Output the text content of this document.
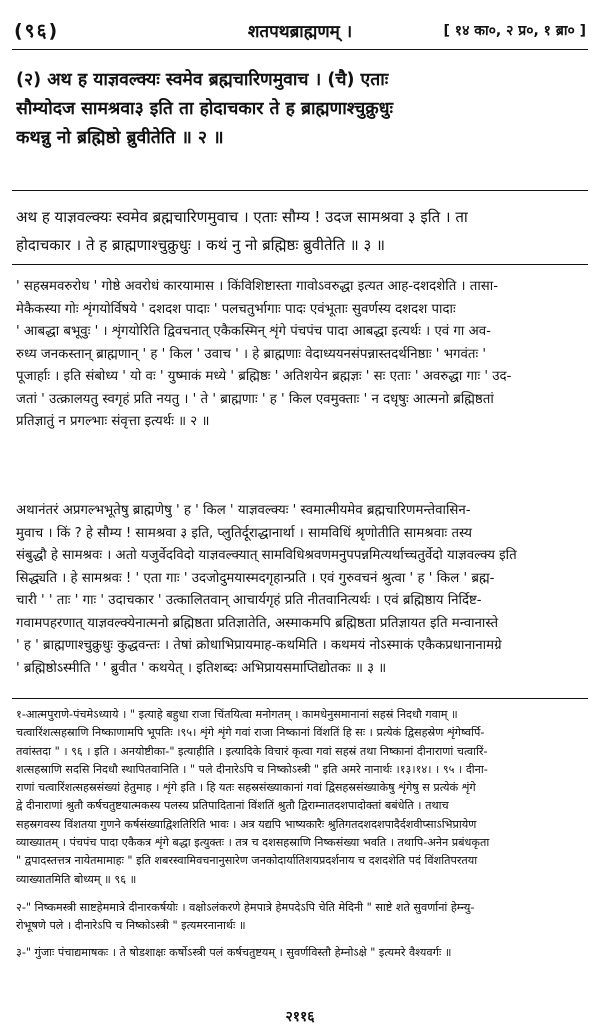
(९६)	शतपथब्राह्मणम् ।	[ १४ का०, २ प्र०, १ ब्रा० ]
(२) अथ ह याज्ञवल्क्यः स्वमेव ब्रह्मचारिणमुवाच । (चै) एताः
सौम्योदज सामश्रवा३ इति ता होदाचकार ते ह ब्राह्मणाश्चुक्रुधुः
कथन्नु नो ब्रह्मिष्ठो ब्रुवीतेति ॥ २ ॥
अथ ह याज्ञवल्क्यः स्वमेव ब्रह्मचारिणमुवाच । एताः सौम्य ! उदज सामश्रवा ३ इति । ता
होदाचकार । ते ह ब्राह्मणाश्चुक्रुधुः । कथं नु नो ब्रह्मिष्ठः ब्रुवीतेति ॥ ३ ॥
' सहस्रमवरुरोध ' गोष्ठे अवरोधं कारयामास । किंविशिष्टास्ता गावोऽवरुद्धा इत्यत आह-दशदशेति । तासा-
मेकैकस्या गोः शृंगयोर्विषये ' दशदश पादाः ' पलचतुर्भागाः पादः एवंभूताः सुवर्णस्य दशदश पादाः
' आबद्धा बभूवुः ' । शृंगयोरिति द्विवचनात् एकैकस्मिन् शृंगे पंचपंच पादा आबद्धा इत्यर्थः । एवं गा अव-
रुध्य जनकस्तान् ब्राह्मणान् ' ह ' किल ' उवाच ' । हे ब्राह्मणाः वेदाध्ययनसंपन्नास्तदर्थनिष्ठाः ' भगवंतः '
पूजार्हाः । इति संबोध्य ' यो वः ' युष्माकं मध्ये ' ब्रह्मिष्ठः ' अतिशयेन ब्रह्मज्ञः ' सः एताः ' अवरुद्धा गाः ' उद-
जतां ' उत्क्रालयतु स्वगृहं प्रति नयतु । ' ते ' ब्राह्मणाः ' ह ' किल एवमुक्ताः ' न दधृषुः आत्मनो ब्रह्मिष्ठतां
प्रतिज्ञातुं न प्रगल्भाः संवृत्ता इत्यर्थः ॥ २ ॥
अथानंतरं अप्रगल्भभूतेषु ब्राह्मणेषु ' ह ' किल ' याज्ञवल्क्यः ' स्वमात्मीयमेव ब्रह्मचारिणमन्तेवासिन-
मुवाच । किं ? हे सौम्य ! सामश्रवा ३ इति, प्लुतिर्दूराद्धानार्था । सामविधिं श्रृणोतीति सामश्रवाः तस्य
संबुद्धौ हे सामश्रवः । अतो यजुर्वेदविदो याज्ञवल्क्यात् सामविधिश्रवणमनुपपन्नमित्यर्थाच्चतुर्वेदो याज्ञवल्क्य इति
सिद्ध्यति । हे सामश्रवः ! ' एता गाः ' उदजोदुमयास्मदगृहान्प्रति । एवं गुरुवचनं श्रुत्वा ' ह ' किल ' ब्रह्म-
चारी ' ' ताः ' गाः ' उदाचकार ' उत्कालितवान् आचार्यगृहं प्रति नीतवानित्यर्थः । एवं ब्रह्मिष्ठाय निर्दिष्ट-
गवामपहरणात् याज्ञवल्क्येनात्मनो ब्रह्मिष्ठता प्रतिज्ञातेति, अस्माकमपि ब्रह्मिष्ठता प्रतिज्ञायत इति मन्वानास्ते
' ह ' ब्राह्मणाश्चुक्रुधुः कुद्धवन्तः । तेषां क्रोधाभिप्रायमाह-कथमिति । कथमयं नोऽस्माकं एकैकप्रधानानामग्रे
' ब्रह्मिष्ठोऽस्मीति ' ' ब्रुवीत ' कथयेत् । इतिशब्दः अभिप्रायसमाप्तिद्योतकः ॥ ३ ॥
१-आत्मपुराणे-पंचमेऽध्याये । " इत्याहे बहुधा राजा चिंतयित्वा मनोगतम् । कामधेनुसमानानां सहस्रं निदधौ गवाम् ॥
चत्वारिंशत्सहस्राणि निष्काणामपि भूपतिः ।९५। शृंगे शृंगे गवां राजा निष्कानां विंशतिं हि सः । प्रत्येकं द्विसहस्रेण शृंगेष्वर्पि-
तवांस्तदा " । ९६ । इति । अनयोष्टीका-" इत्याहीति । इत्यादिके विचारं कृत्वा गवां सहस्रं तथा निष्कानां दीनाराणां चत्वारिं-
शत्सहस्राणि सदसि निदधौ स्थापितवानिति । " पले दीनारेऽपि च निष्कोऽस्त्री " इति अमरे नानार्थः ।१३।१४। । ९५ । दीना-
राणां चत्वारिंशत्सहस्रसंख्यां हेतुमाह । शृंगे इति । हि यतः सहस्रसंख्याकानां गवां द्विसहस्रसंख्याकेषु शृंगेषु स प्रत्येकं शृंगे
द्वे दीनाराणां श्रुतौ कर्षचतुष्टयात्मकस्य पलस्य प्रतिपादितानां विंशतिं श्रुतौ द्विराम्नातदशपादोक्तां बबंधेति । तथाच
सहस्रगवस्य विंशतया गुणने कर्षसंख्याद्विशतिरिति भावः । अत्र यद्यपि भाष्यकारैः श्रुतिगतदशदशपादैर्दशवीप्साऽभिप्रायेण
व्याख्यातम् । पंचपंच पादा एकैकत्र शृंगे बद्धा इत्युक्तः । तत्र च दशसहस्राणि निष्कसंख्या भवति । तथापि-अनेन प्रबंधकृता
" द्वपादस्तत्तत्र नायेतमामाहः " इति शबरस्वामिवचनानुसारेण जनकोदार्यातिशयप्रदर्शनाय च दशदशेति पदं विंशतिपरतया
व्याख्यातमिति बोध्यम् ॥ ९६ ॥
२-" निष्कमस्त्री साष्टहेममात्रे दीनारकर्षयोः । वक्षोऽलंकरणे हेमपात्रे हेमपदेऽपि चेति मेदिनी " साष्टे शते सुवर्णानां हेम्न्यु-
रोभूषणे पले । दीनारेऽपि च निष्कोऽस्त्री " इत्यमरनानार्थः ॥
३-" गुंजाः पंचाद्यमाषकः । ते षोडशाक्षः कर्षोऽस्त्री पलं कर्षचतुष्टयम् । सुवर्णविस्तौ हेम्नोऽक्षे " इत्यमरे वैश्यवर्गः ॥
२११६
